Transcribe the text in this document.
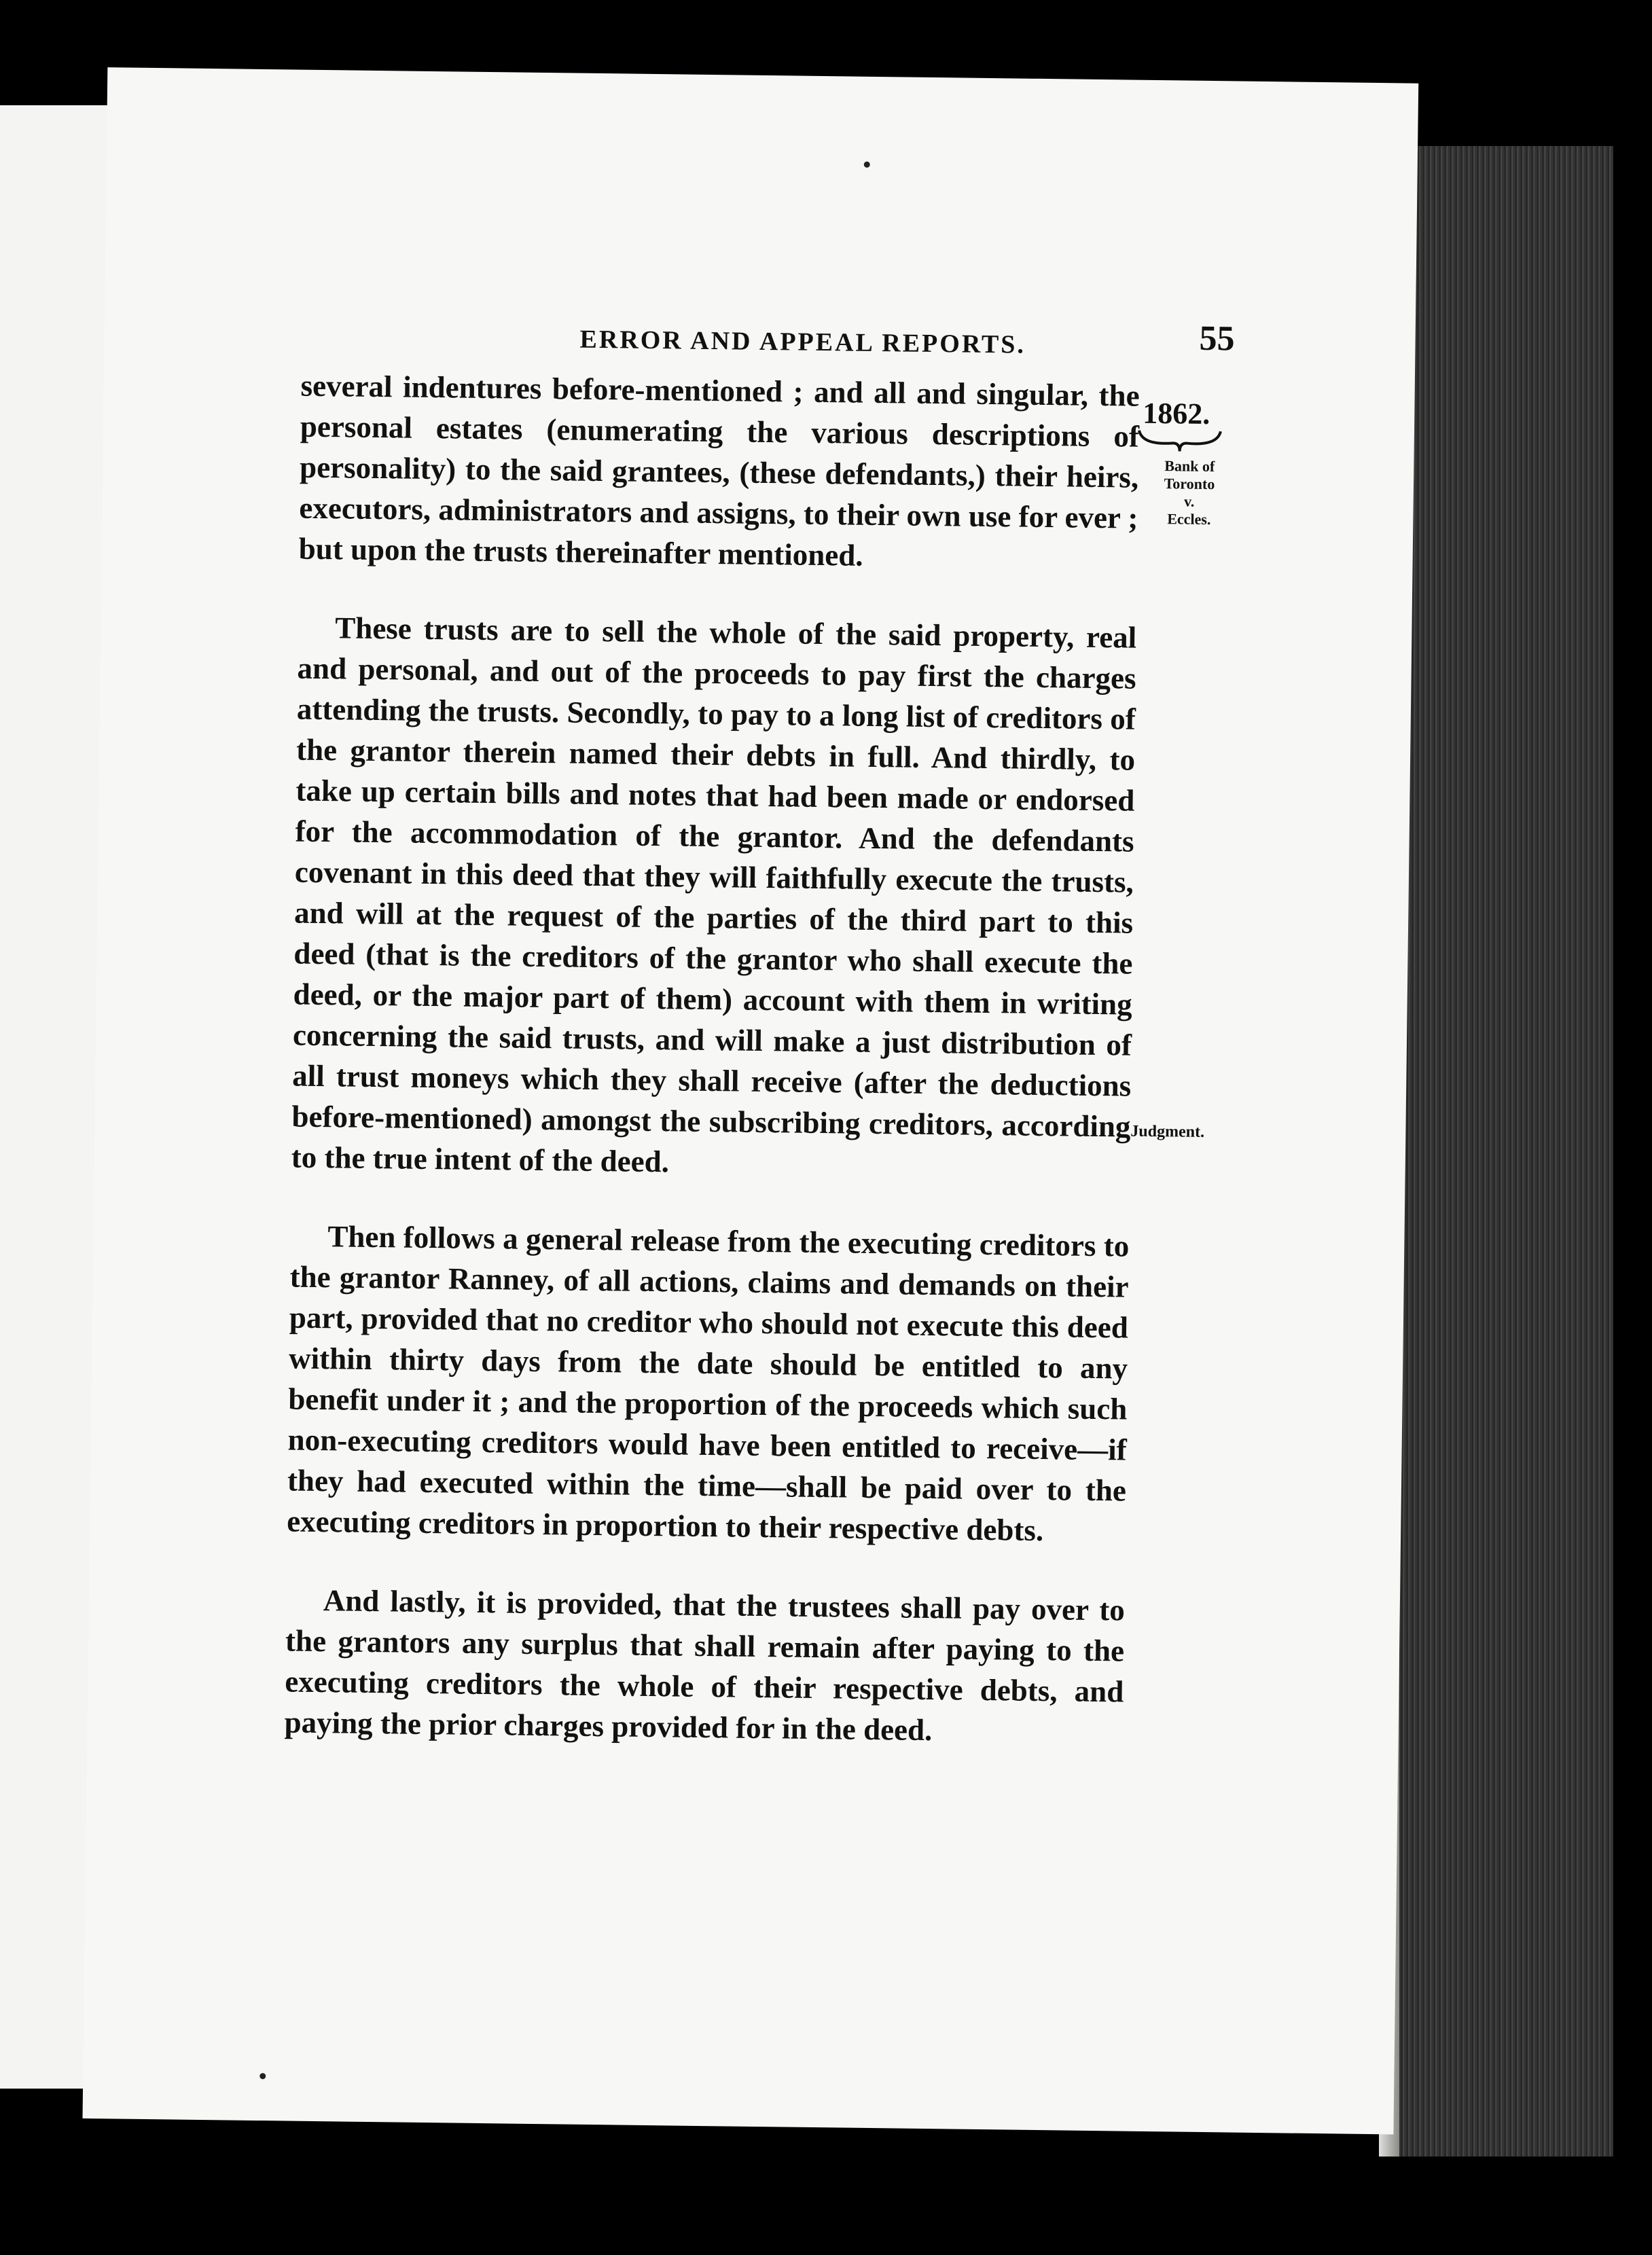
ERROR AND APPEAL REPORTS.	55
1862.
Bank of
Toronto
v.
Eccles.
Judgment.

several indentures before-mentioned ; and all and singular, the personal estates (enumerating the various descriptions of personality) to the said grantees, (these defendants,) their heirs, executors, administrators and assigns, to their own use for ever ; but upon the trusts thereinafter mentioned.

These trusts are to sell the whole of the said property, real and personal, and out of the proceeds to pay first the charges attending the trusts. Secondly, to pay to a long list of creditors of the grantor therein named their debts in full. And thirdly, to take up certain bills and notes that had been made or endorsed for the accommodation of the grantor. And the defendants covenant in this deed that they will faithfully execute the trusts, and will at the request of the parties of the third part to this deed (that is the creditors of the grantor who shall execute the deed, or the major part of them) account with them in writing concerning the said trusts, and will make a just distribution of all trust moneys which they shall receive (after the deductions before-mentioned) amongst the subscribing creditors, according to the true intent of the deed.

Then follows a general release from the executing creditors to the grantor Ranney, of all actions, claims and demands on their part, provided that no creditor who should not execute this deed within thirty days from the date should be entitled to any benefit under it ; and the proportion of the proceeds which such non-executing creditors would have been entitled to receive—if they had executed within the time—shall be paid over to the executing creditors in proportion to their respective debts.

And lastly, it is provided, that the trustees shall pay over to the grantors any surplus that shall remain after paying to the executing creditors the whole of their respective debts, and paying the prior charges provided for in the deed.
